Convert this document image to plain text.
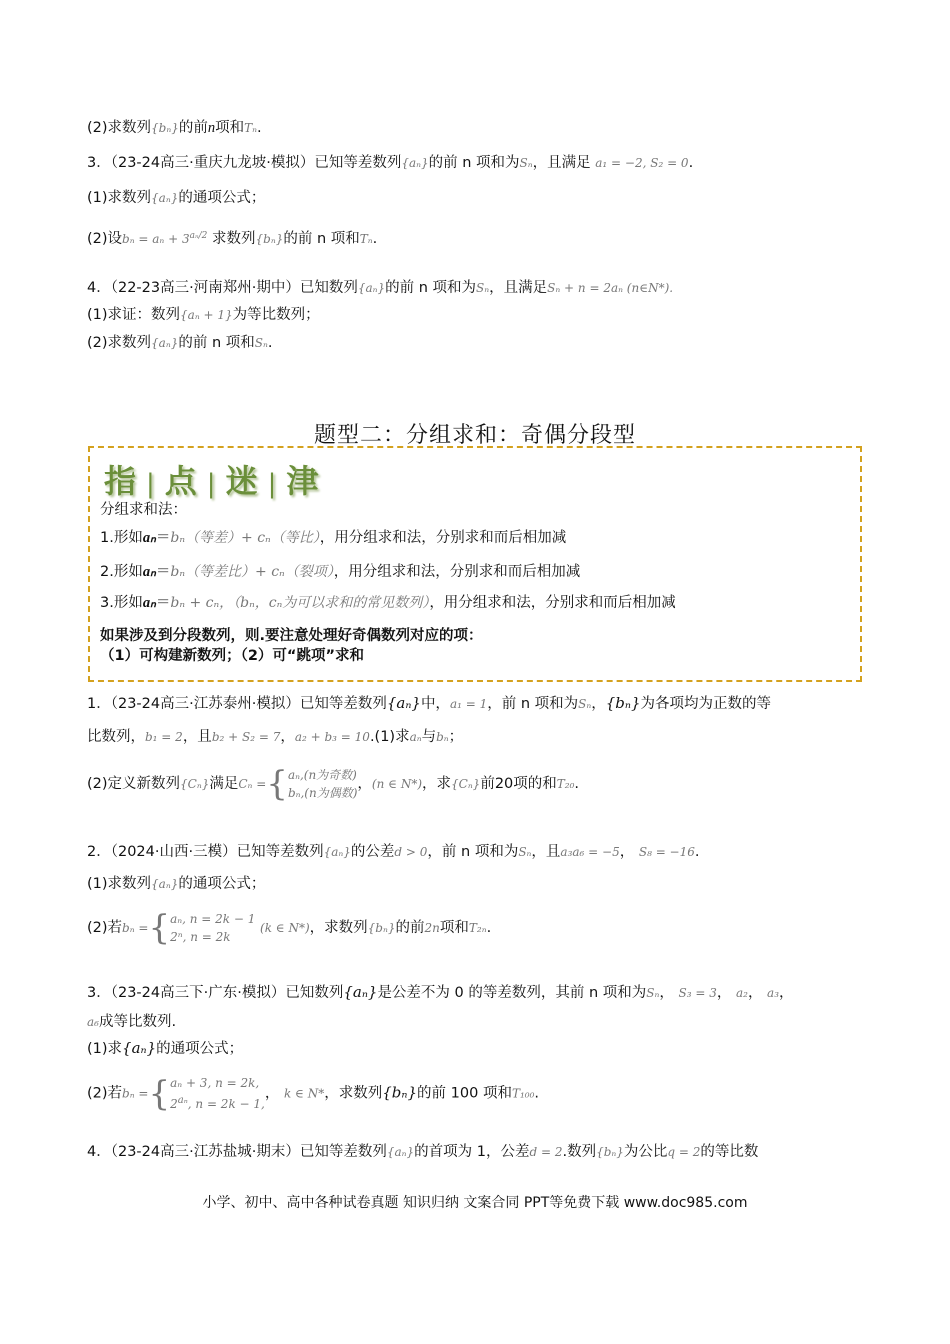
(2)求数列{bₙ}的前n项和Tₙ.
3．（23-24高三·重庆九龙坡·模拟）已知等差数列{aₙ}的前 n 项和为Sₙ，且满足 a₁ = −2, S₂ = 0.
(1)求数列{aₙ}的通项公式；
(2)设$b_n = a_n + 3^{a_n/2}$ 求数列{bₙ}的前 n 项和Tₙ.
4．（22-23高三·河南郑州·期中）已知数列{aₙ}的前 n 项和为Sₙ，且满足Sₙ + n = 2aₙ (n∈N*).
(1)求证：数列{aₙ + 1}为等比数列；
(2)求数列{aₙ}的前 n 项和Sₙ.
题型二：分组求和：奇偶分段型
指 | 点 | 迷 | 津
分组求和法：
1.形如aₙ＝bₙ（等差）+ cₙ（等比），用分组求和法，分别求和而后相加减
2.形如aₙ＝bₙ（等差比）+ cₙ（裂项），用分组求和法，分别求和而后相加减
3.形如aₙ＝bₙ + cₙ，（bₙ，cₙ为可以求和的常见数列），用分组求和法，分别求和而后相加减
如果涉及到分段数列，则.要注意处理好奇偶数列对应的项：
（1）可构建新数列；（2）可“跳项”求和
1．（23-24高三·江苏泰州·模拟）已知等差数列{aₙ}中，a₁ = 1，前 n 项和为Sₙ，{bₙ}为各项均为正数的等
比数列，b₁ = 2，且b₂ + S₂ = 7，a₂ + b₃ = 10.(1)求aₙ与bₙ；
(2)定义新数列{Cₙ}满足Cₙ ={aₙ,(n为奇数)
bₙ,(n为偶数)，(n ∈ N*)，求{Cₙ}前20项的和T₂₀.
2．（2024·山西·三模）已知等差数列{aₙ}的公差d > 0，前 n 项和为Sₙ，且a₃a₆ = −5， S₈ = −16.
(1)求数列{aₙ}的通项公式；
(2)若bₙ ={aₙ, n = 2k − 1
2ⁿ, n = 2k (k ∈ N*)，求数列{bₙ}的前2n项和T₂ₙ.
3．（23-24高三下·广东·模拟）已知数列{aₙ}是公差不为 0 的等差数列，其前 n 项和为Sₙ， S₃ = 3， a₂， a₃，
a₆成等比数列.
(1)求{aₙ}的通项公式；
(2)若bₙ ={aₙ + 3, n = 2k,
$2^{a_n}$, n = 2k − 1,， k ∈ N*，求数列{bₙ}的前 100 项和T₁₀₀.
4．（23-24高三·江苏盐城·期末）已知等差数列{aₙ}的首项为 1，公差d = 2.数列{bₙ}为公比q = 2的等比数
小学、初中、高中各种试卷真题 知识归纳 文案合同 PPT等免费下载 www.doc985.com
